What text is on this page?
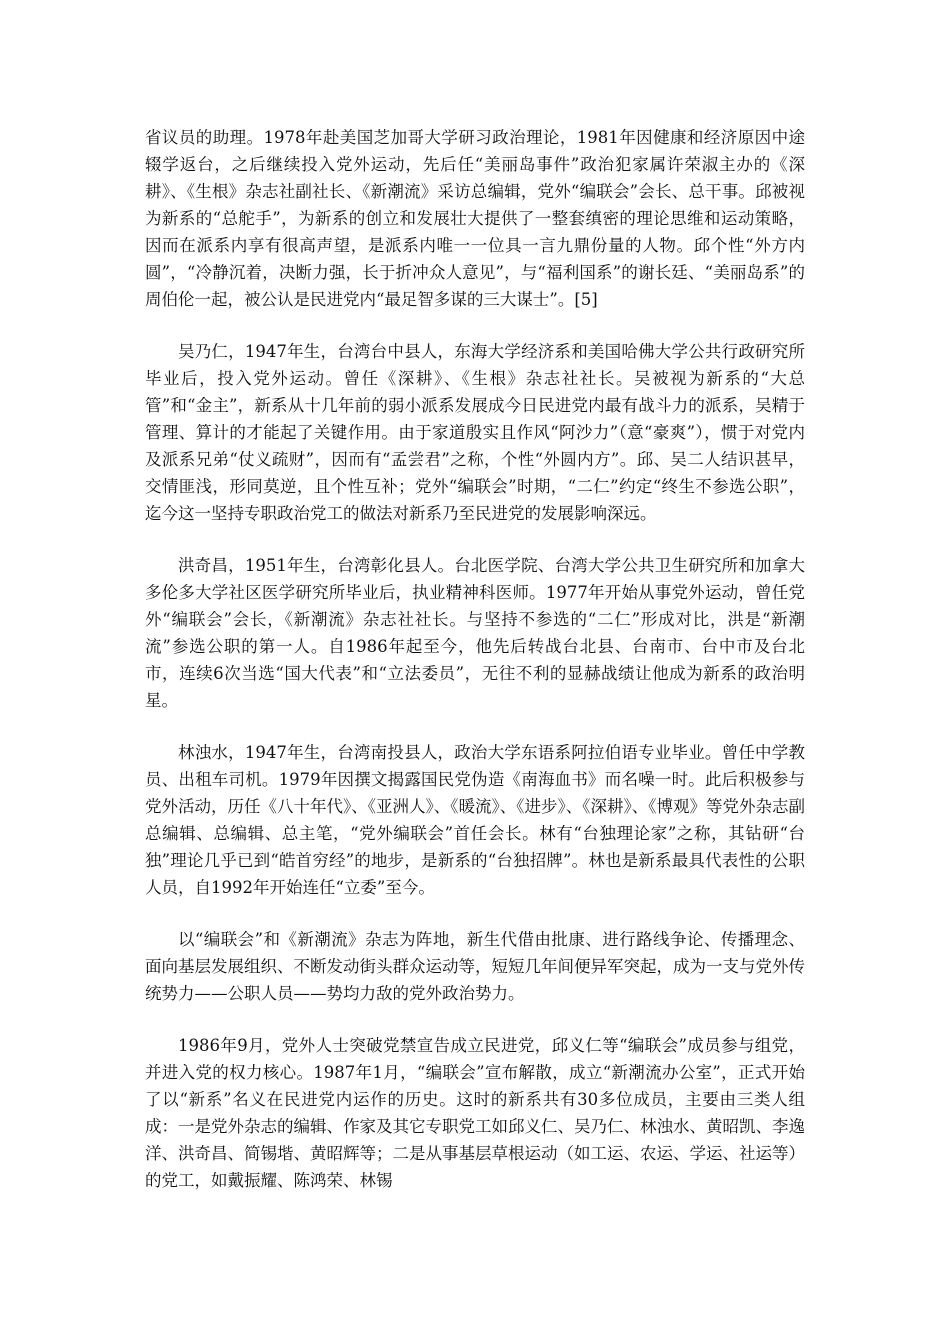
省议员的助理。1978年赴美国芝加哥大学研习政治理论，1981年因健康和经济原因中途辍学返台，之后继续投入党外运动，先后任“美丽岛事件”政治犯家属许荣淑主办的《深耕》、《生根》杂志社副社长、《新潮流》采访总编辑，党外“编联会”会长、总干事。邱被视为新系的“总舵手”，为新系的创立和发展壮大提供了一整套缜密的理论思维和运动策略，因而在派系内享有很高声望，是派系内唯一一位具一言九鼎份量的人物。邱个性“外方内圆”，“冷静沉着，决断力强，长于折冲众人意见”，与“福利国系”的谢长廷、“美丽岛系”的周伯伦一起，被公认是民进党内“最足智多谋的三大谋士”。[5]

吴乃仁，1947年生，台湾台中县人，东海大学经济系和美国哈佛大学公共行政研究所毕业后，投入党外运动。曾任《深耕》、《生根》杂志社社长。吴被视为新系的“大总管”和“金主”，新系从十几年前的弱小派系发展成今日民进党内最有战斗力的派系，吴精于管理、算计的才能起了关键作用。由于家道殷实且作风“阿沙力”（意“豪爽”），惯于对党内及派系兄弟“仗义疏财”，因而有“孟尝君”之称，个性“外圆内方”。邱、吴二人结识甚早，交情匪浅，形同莫逆，且个性互补；党外“编联会”时期，“二仁”约定“终生不参选公职”，迄今这一坚持专职政治党工的做法对新系乃至民进党的发展影响深远。

洪奇昌，1951年生，台湾彰化县人。台北医学院、台湾大学公共卫生研究所和加拿大多伦多大学社区医学研究所毕业后，执业精神科医师。1977年开始从事党外运动，曾任党外“编联会”会长，《新潮流》杂志社社长。与坚持不参选的“二仁”形成对比，洪是“新潮流”参选公职的第一人。自1986年起至今，他先后转战台北县、台南市、台中市及台北市，连续6次当选“国大代表”和“立法委员”，无往不利的显赫战绩让他成为新系的政治明星。

林浊水，1947年生，台湾南投县人，政治大学东语系阿拉伯语专业毕业。曾任中学教员、出租车司机。1979年因撰文揭露国民党伪造《南海血书》而名噪一时。此后积极参与党外活动，历任《八十年代》、《亚洲人》、《暖流》、《进步》、《深耕》、《博观》等党外杂志副总编辑、总编辑、总主笔，“党外编联会”首任会长。林有“台独理论家”之称，其钻研“台独”理论几乎已到“皓首穷经”的地步，是新系的“台独招牌”。林也是新系最具代表性的公职人员，自1992年开始连任“立委”至今。

以“编联会”和《新潮流》杂志为阵地，新生代借由批康、进行路线争论、传播理念、面向基层发展组织、不断发动街头群众运动等，短短几年间便异军突起，成为一支与党外传统势力——公职人员——势均力敌的党外政治势力。

1986年9月，党外人士突破党禁宣告成立民进党，邱义仁等“编联会”成员参与组党，并进入党的权力核心。1987年1月，“编联会”宣布解散，成立“新潮流办公室”，正式开始了以“新系”名义在民进党内运作的历史。这时的新系共有30多位成员，主要由三类人组成：一是党外杂志的编辑、作家及其它专职党工如邱义仁、吴乃仁、林浊水、黄昭凯、李逸洋、洪奇昌、简锡堦、黄昭辉等；二是从事基层草根运动（如工运、农运、学运、社运等）的党工，如戴振耀、陈鸿荣、林锡
